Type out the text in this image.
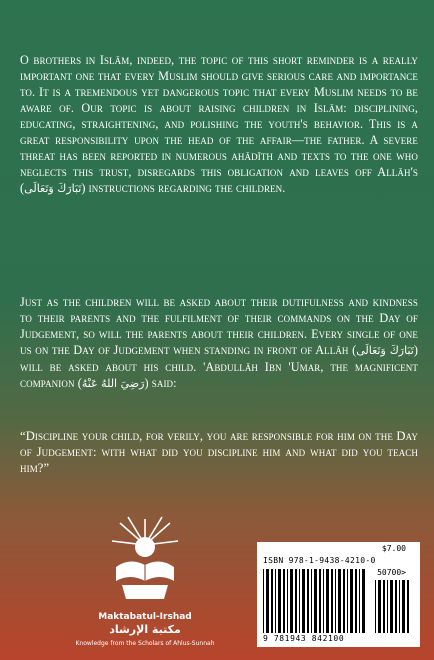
O brothers in Islām, indeed, the topic of this short reminder is a really important one that every Muslim should give serious care and importance to. It is a tremendous yet dangerous topic that every Muslim needs to be aware of. Our topic is about raising children in Islām: disciplining, educating, straightening, and polishing the youth's behavior. This is a great responsibility upon the head of the affair—the father. A severe threat has been reported in numerous ahādīth and texts to the one who neglects this trust, disregards this obligation and leaves off Allāh's (تَبَارَكَ وَتَعَالَى) instructions regarding the children.
Just as the children will be asked about their dutifulness and kindness to their parents and the fulfilment of their commands on the Day of Judgement, so will the parents about their children. Every single of one us on the Day of Judgement when standing in front of Allāh (تَبَارَكَ وَتَعَالَى) will be asked about his child. 'Abdullāh Ibn 'Umar, the magnificent companion (رَضِيَ اللهُ عَنْهُ) said:
“Discipline your child, for verily, you are responsible for him on the Day of Judgement: with what did you discipline him and what did you teach him?”
Maktabatul-Irshad
مكتبة الإرشاد
Knowledge from the Scholars of Ahlus-Sunnah
$7.00
ISBN 978-1-9438-4210-0
50700>
9 781943 842100
